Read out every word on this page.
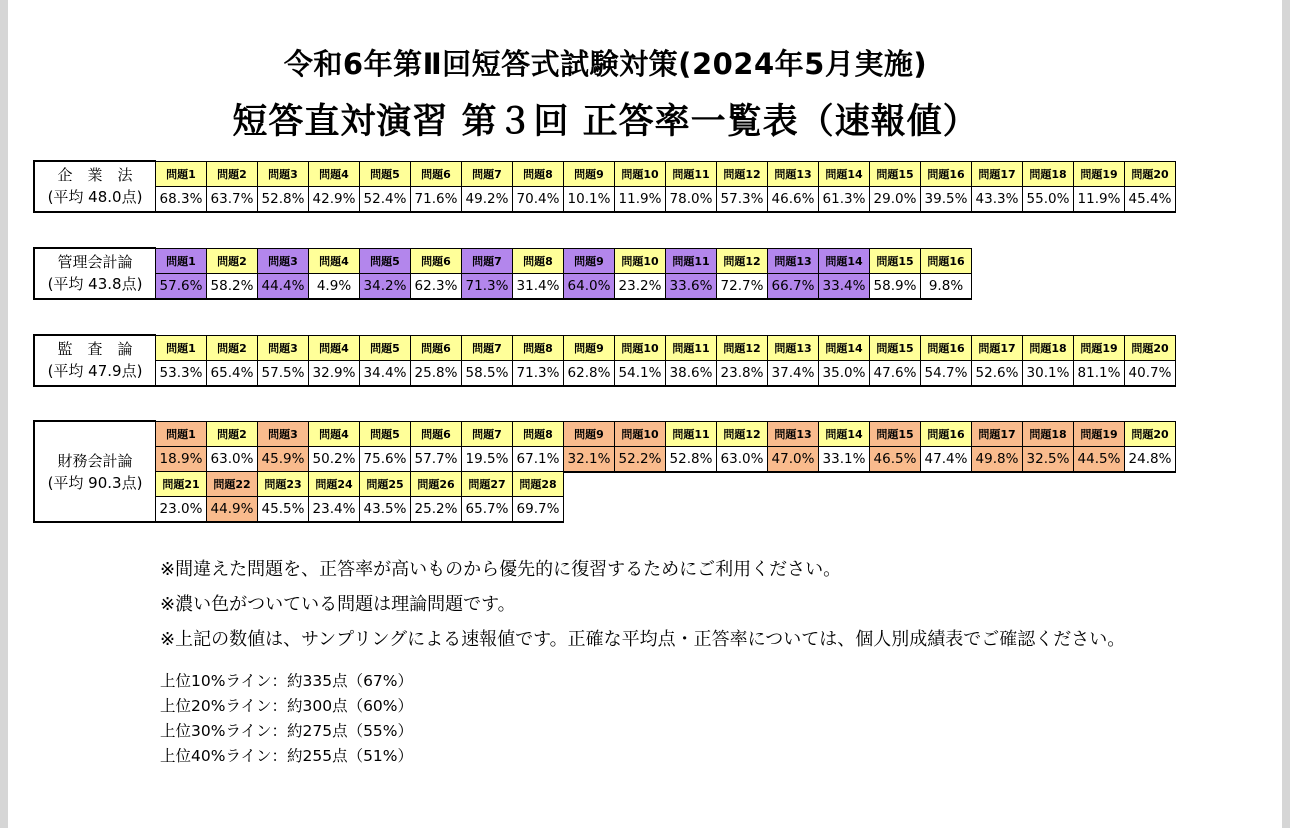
令和6年第Ⅱ回短答式試験対策(2024年5月実施)
短答直対演習 第３回 正答率一覧表（速報値）
企　業　法
(平均 48.0点)	問題1	問題2	問題3	問題4	問題5	問題6	問題7	問題8	問題9	問題10	問題11	問題12	問題13	問題14	問題15	問題16	問題17	問題18	問題19	問題20
	68.3%	63.7%	52.8%	42.9%	52.4%	71.6%	49.2%	70.4%	10.1%	11.9%	78.0%	57.3%	46.6%	61.3%	29.0%	39.5%	43.3%	55.0%	11.9%	45.4%
管理会計論
(平均 43.8点)	問題1	問題2	問題3	問題4	問題5	問題6	問題7	問題8	問題9	問題10	問題11	問題12	問題13	問題14	問題15	問題16
	57.6%	58.2%	44.4%	4.9%	34.2%	62.3%	71.3%	31.4%	64.0%	23.2%	33.6%	72.7%	66.7%	33.4%	58.9%	9.8%
監　査　論
(平均 47.9点)	問題1	問題2	問題3	問題4	問題5	問題6	問題7	問題8	問題9	問題10	問題11	問題12	問題13	問題14	問題15	問題16	問題17	問題18	問題19	問題20
	53.3%	65.4%	57.5%	32.9%	34.4%	25.8%	58.5%	71.3%	62.8%	54.1%	38.6%	23.8%	37.4%	35.0%	47.6%	54.7%	52.6%	30.1%	81.1%	40.7%
財務会計論
(平均 90.3点)	問題1	問題2	問題3	問題4	問題5	問題6	問題7	問題8	問題9	問題10	問題11	問題12	問題13	問題14	問題15	問題16	問題17	問題18	問題19	問題20
	18.9%	63.0%	45.9%	50.2%	75.6%	57.7%	19.5%	67.1%	32.1%	52.2%	52.8%	63.0%	47.0%	33.1%	46.5%	47.4%	49.8%	32.5%	44.5%	24.8%
	問題21	問題22	問題23	問題24	問題25	問題26	問題27	問題28												
	23.0%	44.9%	45.5%	23.4%	43.5%	25.2%	65.7%	69.7%												
※間違えた問題を、正答率が高いものから優先的に復習するためにご利用ください。
※濃い色がついている問題は理論問題です。
※上記の数値は、サンプリングによる速報値です。正確な平均点・正答率については、個人別成績表でご確認ください。
上位10%ライン：約335点（67%）
上位20%ライン：約300点（60%）
上位30%ライン：約275点（55%）
上位40%ライン：約255点（51%）
